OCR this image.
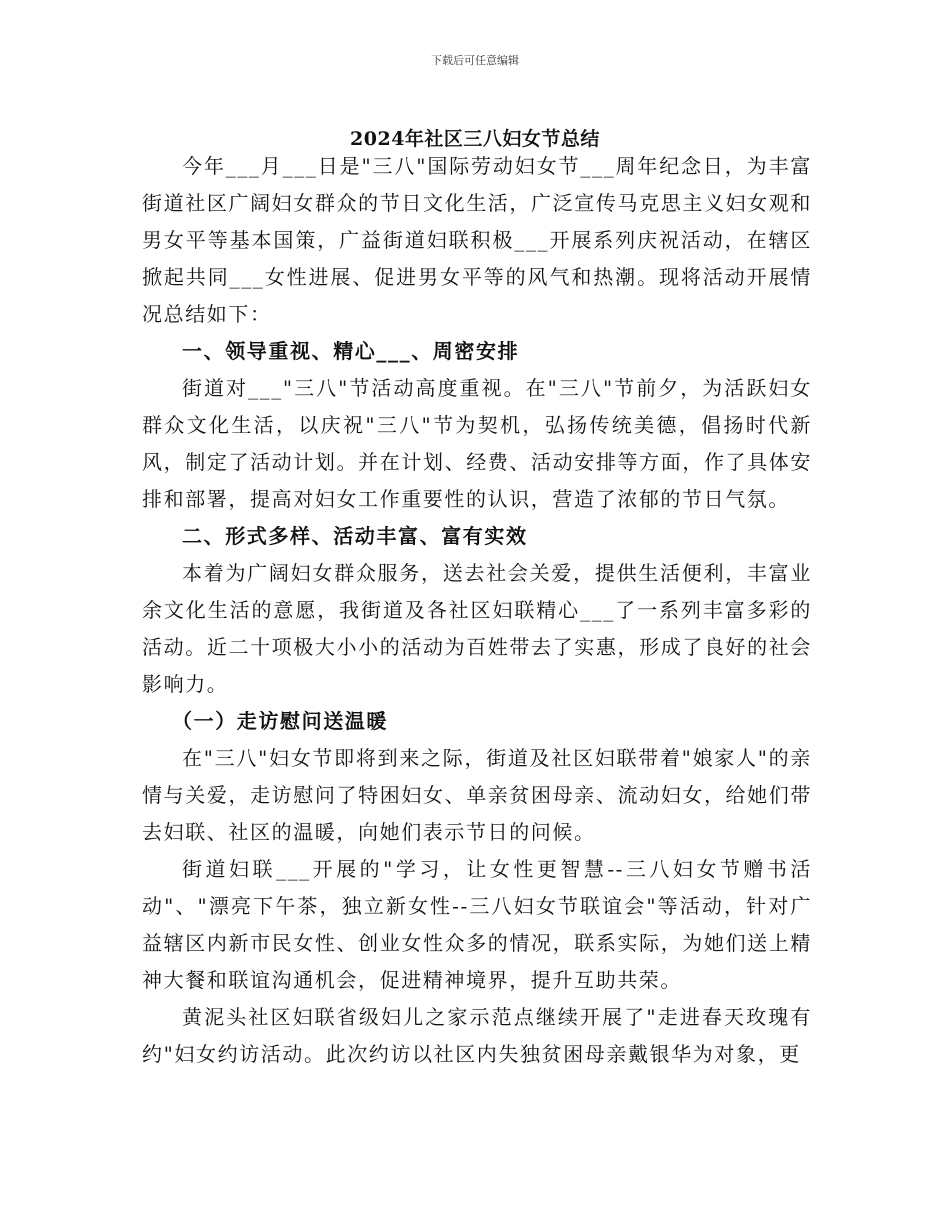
下载后可任意编辑
2024年社区三八妇女节总结

今年___月___日是"三八"国际劳动妇女节___周年纪念日，为丰富街道社区广阔妇女群众的节日文化生活，广泛宣传马克思主义妇女观和男女平等基本国策，广益街道妇联积极___开展系列庆祝活动，在辖区掀起共同___女性进展、促进男女平等的风气和热潮。现将活动开展情况总结如下：

一、领导重视、精心___、周密安排

街道对___"三八"节活动高度重视。在"三八"节前夕，为活跃妇女群众文化生活，以庆祝"三八"节为契机，弘扬传统美德，倡扬时代新风，制定了活动计划。并在计划、经费、活动安排等方面，作了具体安排和部署，提高对妇女工作重要性的认识，营造了浓郁的节日气氛。

二、形式多样、活动丰富、富有实效

本着为广阔妇女群众服务，送去社会关爱，提供生活便利，丰富业余文化生活的意愿，我街道及各社区妇联精心___了一系列丰富多彩的活动。近二十项极大小小的活动为百姓带去了实惠，形成了良好的社会影响力。

（一）走访慰问送温暖

在"三八"妇女节即将到来之际，街道及社区妇联带着"娘家人"的亲情与关爱，走访慰问了特困妇女、单亲贫困母亲、流动妇女，给她们带去妇联、社区的温暖，向她们表示节日的问候。

街道妇联___开展的"学习，让女性更智慧--三八妇女节赠书活动"、"漂亮下午茶，独立新女性--三八妇女节联谊会"等活动，针对广益辖区内新市民女性、创业女性众多的情况，联系实际，为她们送上精神大餐和联谊沟通机会，促进精神境界，提升互助共荣。

黄泥头社区妇联省级妇儿之家示范点继续开展了"走进春天玫瑰有约"妇女约访活动。此次约访以社区内失独贫困母亲戴银华为对象，更
